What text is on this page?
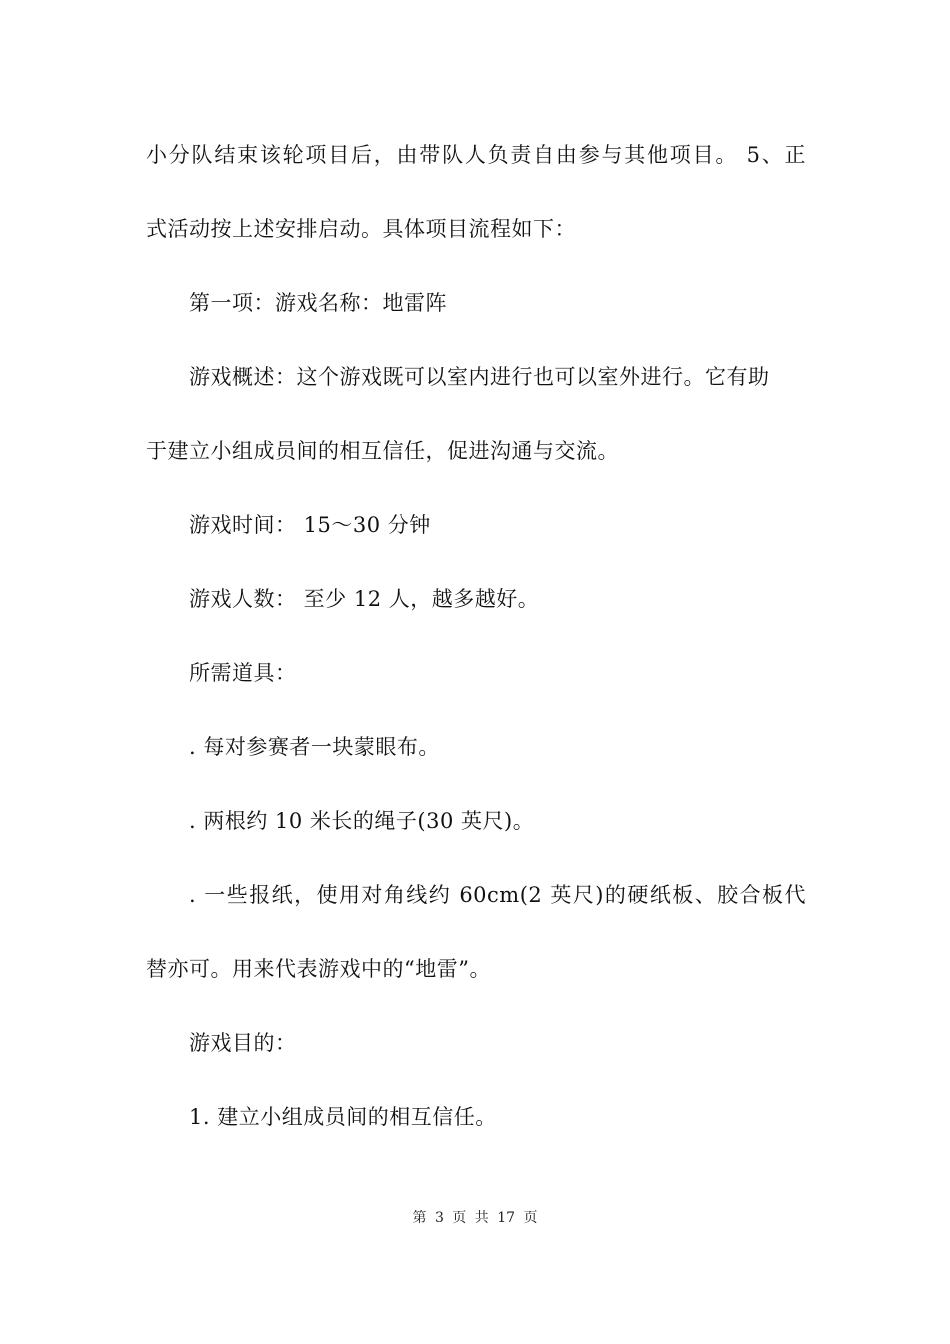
小分队结束该轮项目后，由带队人负责自由参与其他项目。 5、正
式活动按上述安排启动。具体项目流程如下：
第一项：游戏名称：地雷阵
游戏概述：这个游戏既可以室内进行也可以室外进行。它有助
于建立小组成员间的相互信任，促进沟通与交流。
游戏时间： 15～30 分钟
游戏人数： 至少 12 人，越多越好。
所需道具：
. 每对参赛者一块蒙眼布。
. 两根约 10 米长的绳子(30 英尺)。
. 一些报纸，使用对角线约 60cm(2 英尺)的硬纸板、胶合板代
替亦可。用来代表游戏中的“地雷”。
游戏目的：
1. 建立小组成员间的相互信任。
第 3 页 共 17 页
